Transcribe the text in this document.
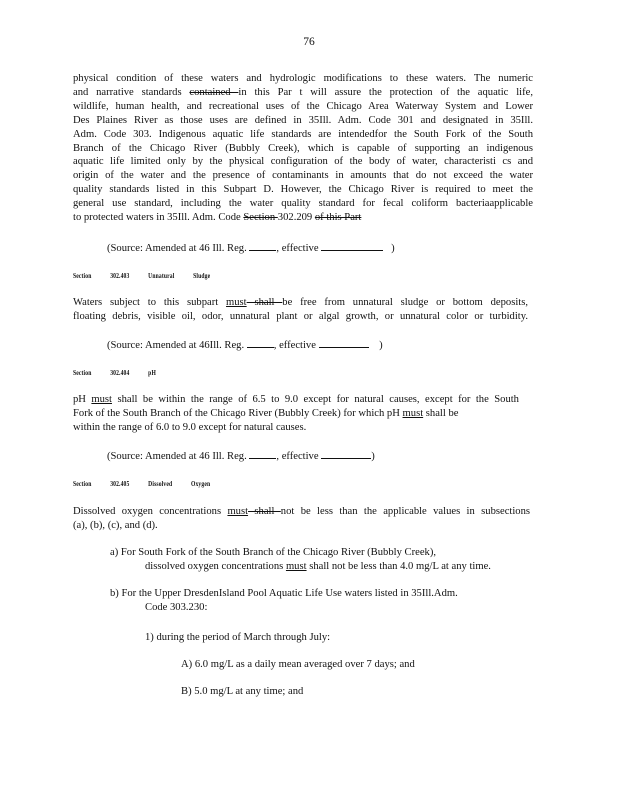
76
physical condition of these waters and hydrologic modifications to these waters. The numeric
and narrative standards contained in this Par t will assure the protection of the aquatic life,
wildlife, human health, and recreational uses of the Chicago Area Waterway System and Lower
Des Plaines River as those uses are defined in 35Ill. Adm. Code 301 and designated in 35Ill.
Adm. Code 303. Indigenous aquatic life standards are intendedfor the South Fork of the South
Branch of the Chicago River (Bubbly Creek), which is capable of supporting an indigenous
aquatic life limited only by the physical configuration of the body of water, characteristi cs and
origin of the water and the presence of contaminants in amounts that do not exceed the water
quality standards listed in this Subpart D. However, the Chicago River is required to meet the
general use standard, including the water quality standard for fecal coliform bacteriaapplicable
to protected waters in 35Ill. Adm. Code Section 302.209 of this Part
(Source: Amended at 46 Ill. Reg.	, effective	)
Section 302.403 Unnatural Sludge
Waters subject to this subpart must shall be free from unnatural sludge or bottom deposits,
floating debris, visible oil, odor, unnatural plant or algal growth, or unnatural color or turbidity.
(Source: Amended at 46Ill. Reg.	, effective	)
Section 302.404 pH
pH must shall be within the range of 6.5 to 9.0 except for natural causes, except for the South
Fork of the South Branch of the Chicago River (Bubbly Creek) for which pH must shall be
within the range of 6.0 to 9.0 except for natural causes.
(Source: Amended at 46 Ill. Reg.	, effective	)
Section 302.405 Dissolved Oxygen
Dissolved oxygen concentrations must shall not be less than the applicable values in subsections
(a), (b), (c), and (d).
a) For South Fork of the South Branch of the Chicago River (Bubbly Creek),
dissolved oxygen concentrations must shall not be less than 4.0 mg/L at any time.
b) For the Upper DresdenIsland Pool Aquatic Life Use waters listed in 35Ill.Adm.
Code 303.230:
1) during the period of March through July:
A) 6.0 mg/L as a daily mean averaged over 7 days; and
B) 5.0 mg/L at any time; and
